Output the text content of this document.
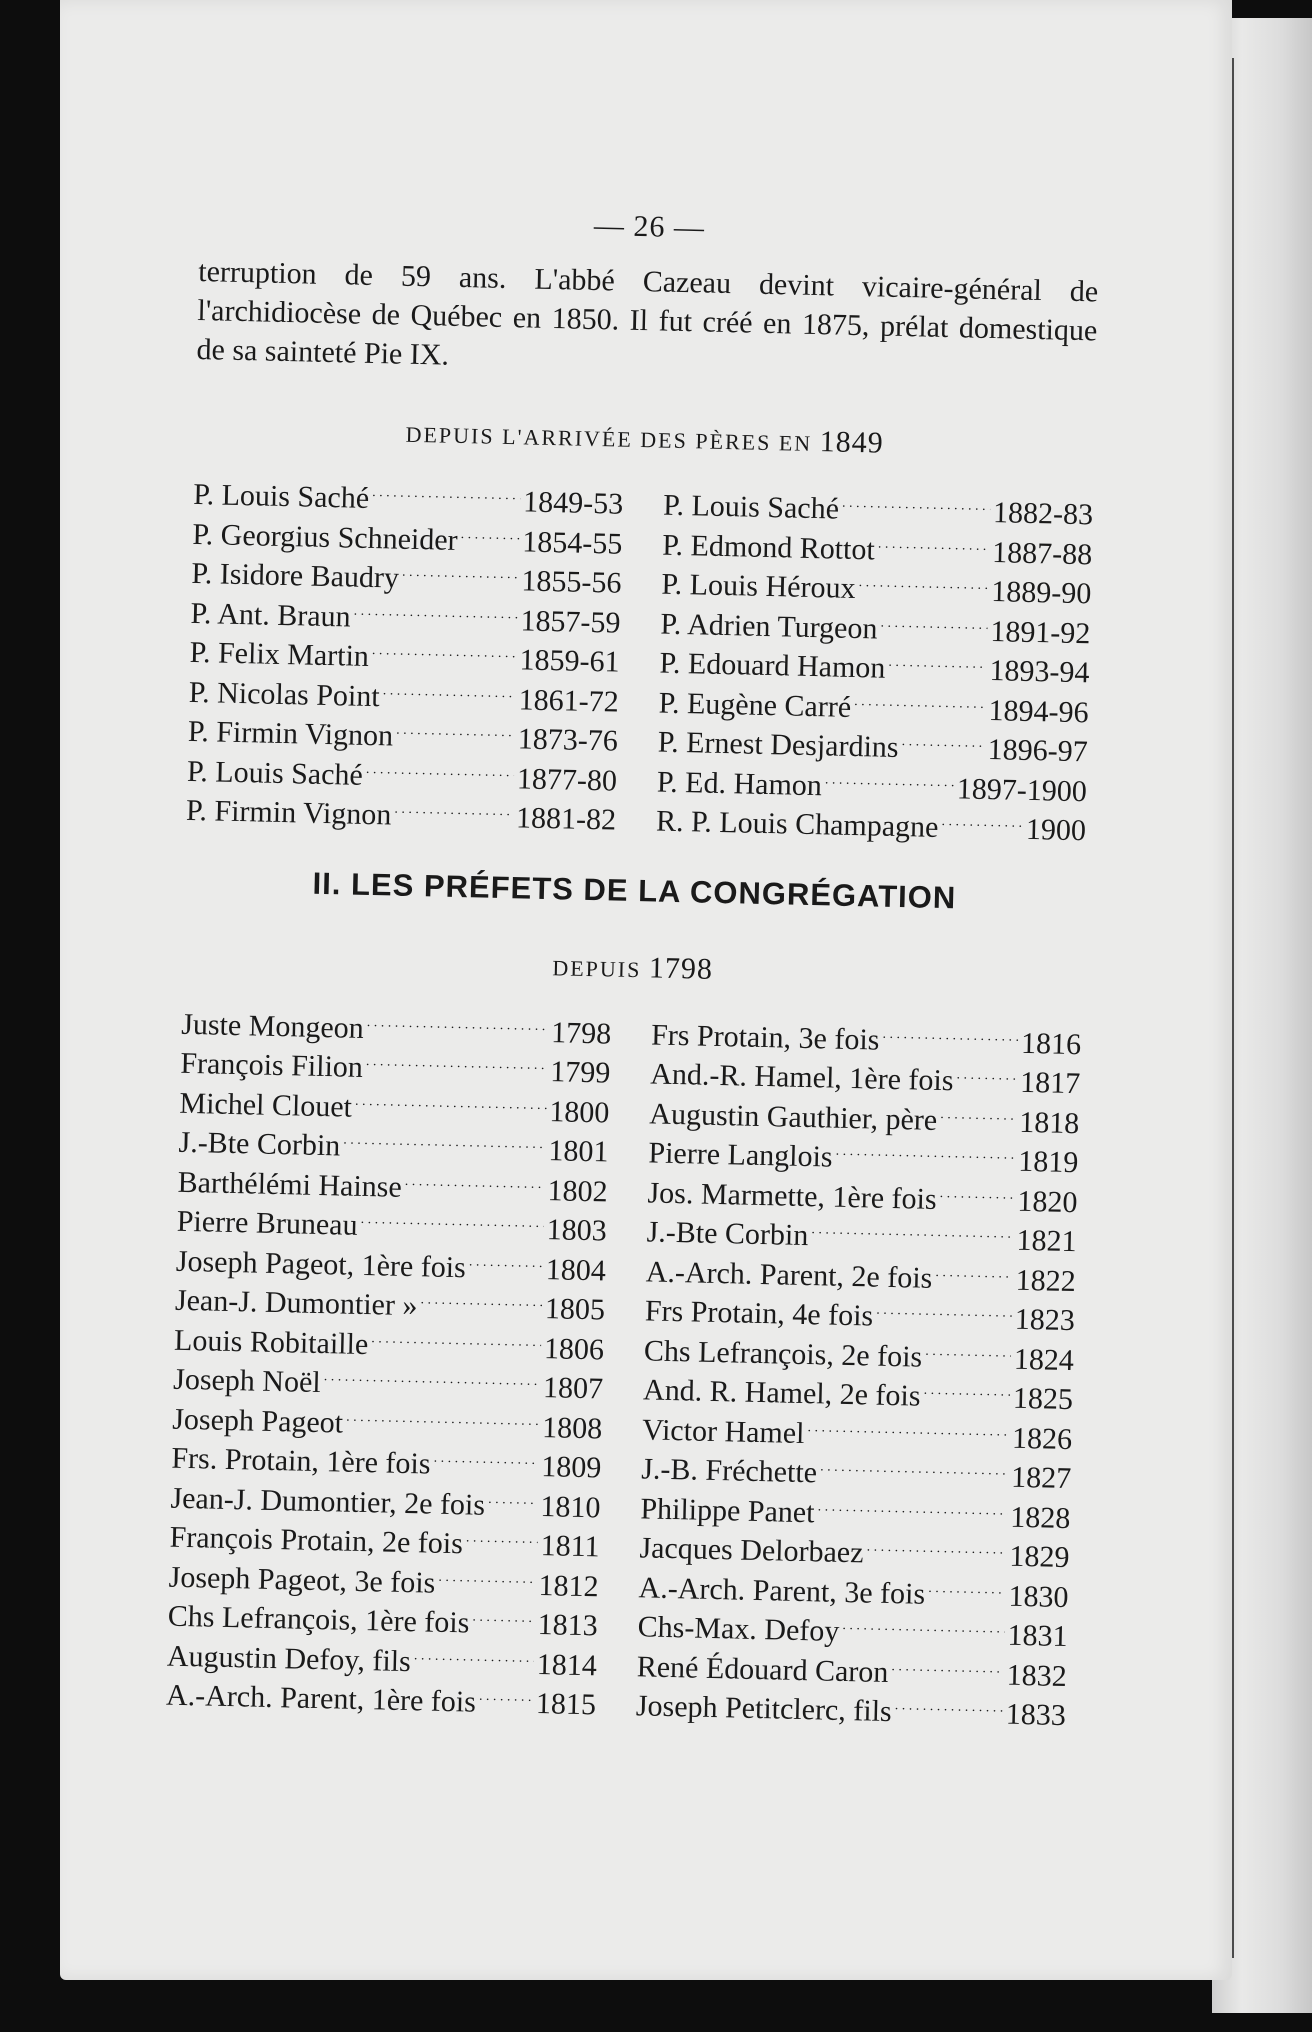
— 26 —

terruption de 59 ans. L'abbé Cazeau devint vicaire-général de l'archidiocèse de Québec en 1850. Il fut créé en 1875, prélat domestique de sa sainteté Pie IX.

DEPUIS L'ARRIVÉE DES PÈRES EN 1849
P. Louis Saché . . .	1849-53
P. Georgius Schneider . . . 1854-55
P. Isidore Baudry . . .	1855-56
P. Ant. Braun . . .	1857-59
P. Felix Martin . . .	1859-61
P. Nicolas Point . . .	1861-72
P. Firmin Vignon . . .	1873-76
P. Louis Saché . . .	1877-80
P. Firmin Vignon . . .	1881-82
P. Louis Saché . . .	1882-83
P. Edmond Rottot . . .	1887-88
P. Louis Héroux . . .	1889-90
P. Adrien Turgeon . . .	1891-92
P. Edouard Hamon . . .	1893-94
P. Eugène Carré . . .	1894-96
P. Ernest Desjardins . . .	1896-97
P. Ed. Hamon . . .	1897-1900
R. P. Louis Champagne . . .	1900
II. LES PRÉFETS DE LA CONGRÉGATION
DEPUIS 1798
Juste Mongeon . . .	1798
François Filion . . .	1799
Michel Clouet . . .	1800
J.-Bte Corbin . . .	1801
Barthélémi Hainse . . .	1802
Pierre Bruneau . . .	1803
Joseph Pageot, 1ère fois . . .	1804
Jean-J. Dumontier » . . .	1805
Louis Robitaille . . .	1806
Joseph Noël . . .	1807
Joseph Pageot . . .	1808
Frs. Protain, 1ère fois . . .	1809
Jean-J. Dumontier, 2e fois . . . 1810
François Protain, 2e fois . . .	1811
Joseph Pageot, 3e fois . . .	1812
Chs Lefrançois, 1ère fois . . . 1813
Augustin Defoy, fils . . .	1814
A.-Arch. Parent, 1ère fois . . . 1815
Frs Protain, 3e fois . . .	1816
And.-R. Hamel, 1ère fois . . . 1817
Augustin Gauthier, père . . .	1818
Pierre Langlois . . .	1819
Jos. Marmette, 1ère fois . . .	1820
J.-Bte Corbin . . .	1821
A.-Arch. Parent, 2e fois . . .	1822
Frs Protain, 4e fois . . .	1823
Chs Lefrançois, 2e fois . . .	1824
And. R. Hamel, 2e fois . . .	1825
Victor Hamel . . .	1826
J.-B. Fréchette . . .	1827
Philippe Panet . . .	1828
Jacques Delorbaez . . .	1829
A.-Arch. Parent, 3e fois . . .	1830
Chs-Max. Defoy . . .	1831
René Édouard Caron . . .	1832
Joseph Petitclerc, fils . . .	1833
